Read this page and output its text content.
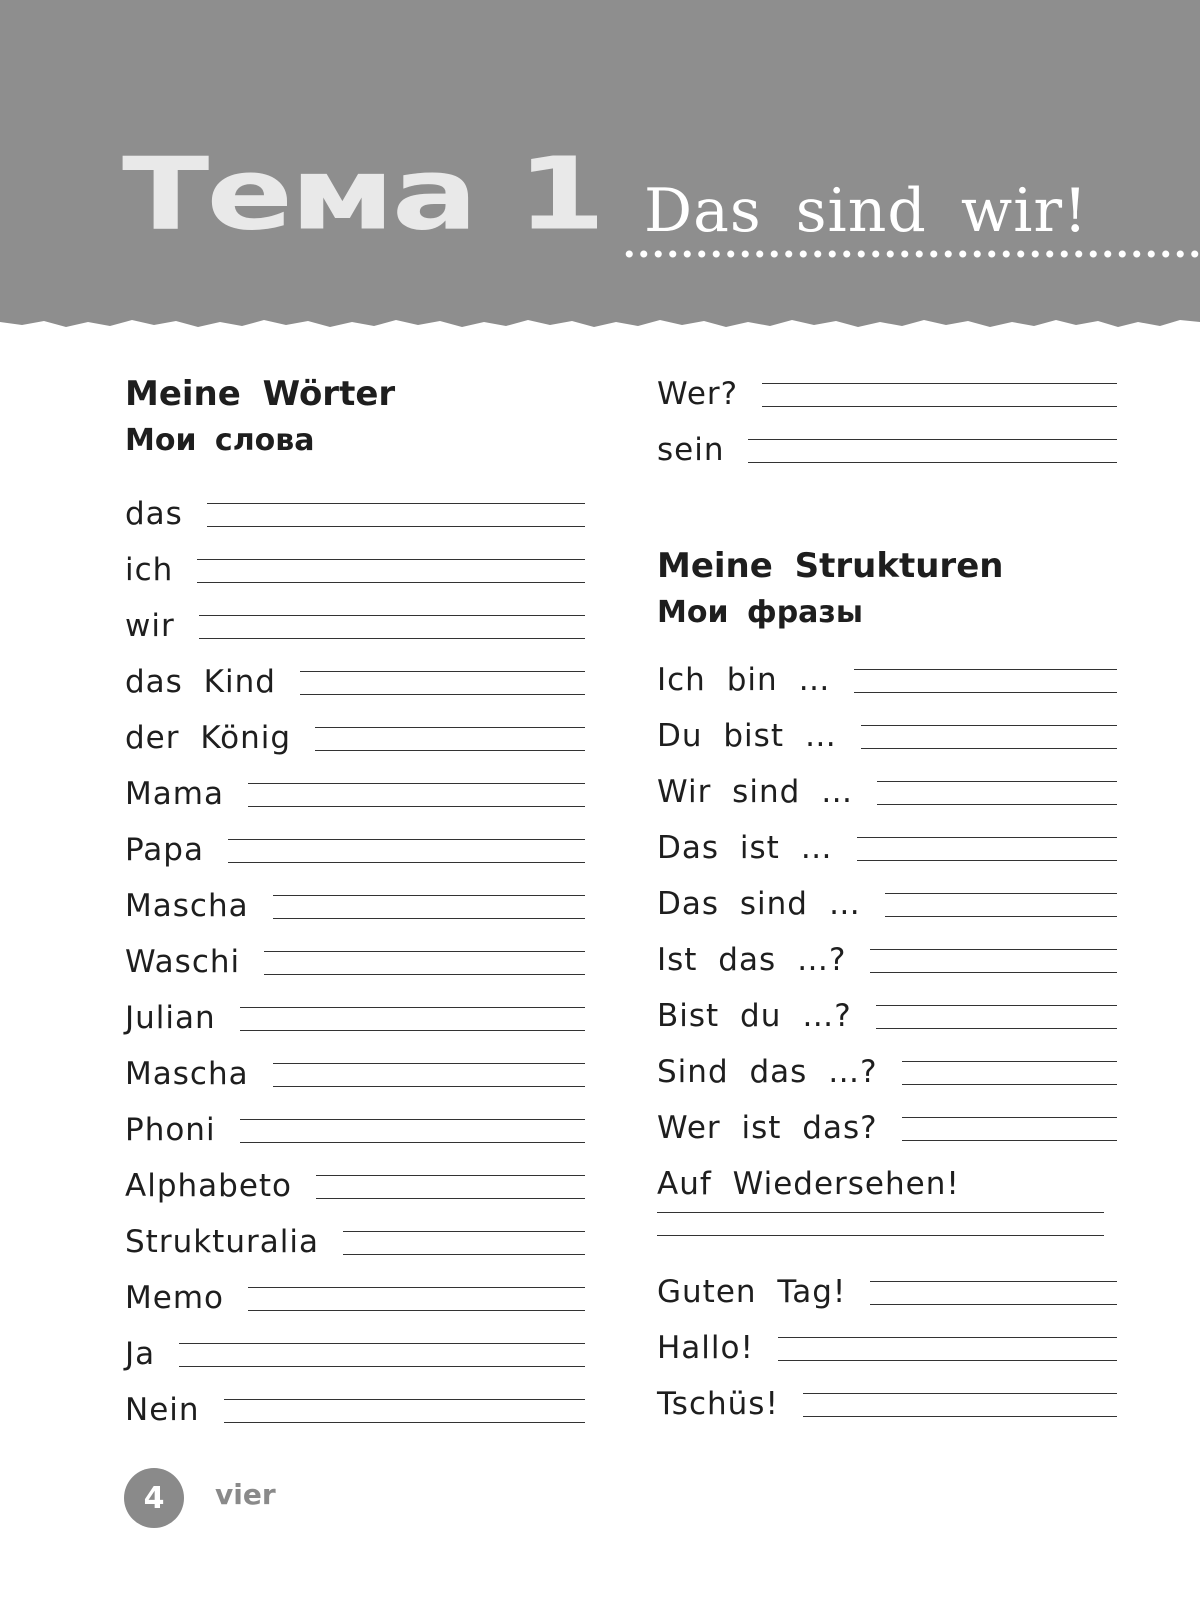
Тема 1 Das sind wir!
Meine Wörter
Мои слова
das
ich
wir
das Kind
der König
Mama
Papa
Mascha
Waschi
Julian
Mascha
Phoni
Alphabeto
Strukturalia
Memo
Ja
Nein
Wer?
sein
Meine Strukturen
Мои фразы
Ich bin …
Du bist …
Wir sind …
Das ist …
Das sind …
Ist das …?
Bist du …?
Sind das …?
Wer ist das?
Auf Wiedersehen!
Guten Tag!
Hallo!
Tschüs!
4	vier
